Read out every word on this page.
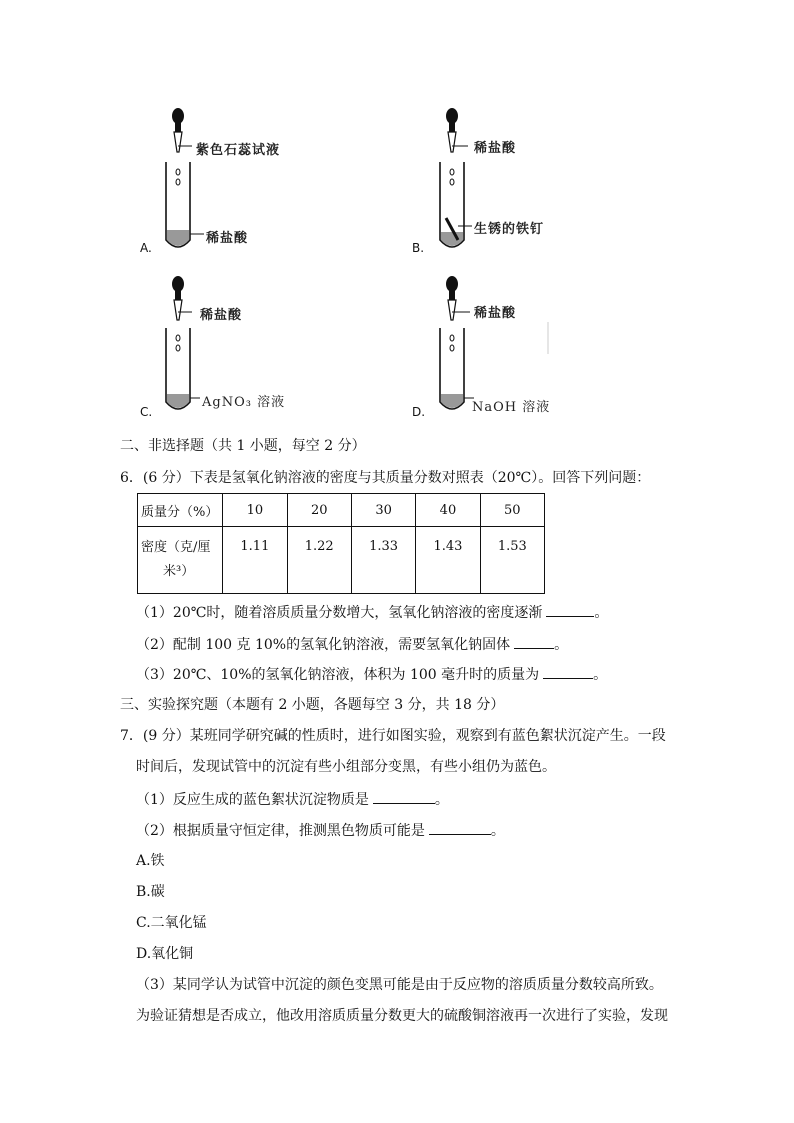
A.
紫色石蕊试液
稀盐酸
B.
稀盐酸
生锈的铁钉
C.
稀盐酸
AgNO₃ 溶液
D.
稀盐酸
NaOH 溶液
二、非选择题（共 1 小题，每空 2 分）
6．(6 分）下表是氢氧化钠溶液的密度与其质量分数对照表（20℃）。回答下列问题：
质量分（%）	10	20	30	40	50
密度（克/厘
米³）	1.11	1.22	1.33	1.43	1.53
（1）20℃时，随着溶质质量分数增大，氢氧化钠溶液的密度逐渐	。
（2）配制 100 克 10%的氢氧化钠溶液，需要氢氧化钠固体	。
（3）20℃、10%的氢氧化钠溶液，体积为 100 毫升时的质量为	。
三、实验探究题（本题有 2 小题，各题每空 3 分，共 18 分）
7．(9 分）某班同学研究碱的性质时，进行如图实验，观察到有蓝色絮状沉淀产生。一段
时间后，发现试管中的沉淀有些小组部分变黑，有些小组仍为蓝色。
（1）反应生成的蓝色絮状沉淀物质是	。
（2）根据质量守恒定律，推测黑色物质可能是	。
A.铁
B.碳
C.二氧化锰
D.氧化铜
（3）某同学认为试管中沉淀的颜色变黑可能是由于反应物的溶质质量分数较高所致。
为验证猜想是否成立，他改用溶质质量分数更大的硫酸铜溶液再一次进行了实验，发现
